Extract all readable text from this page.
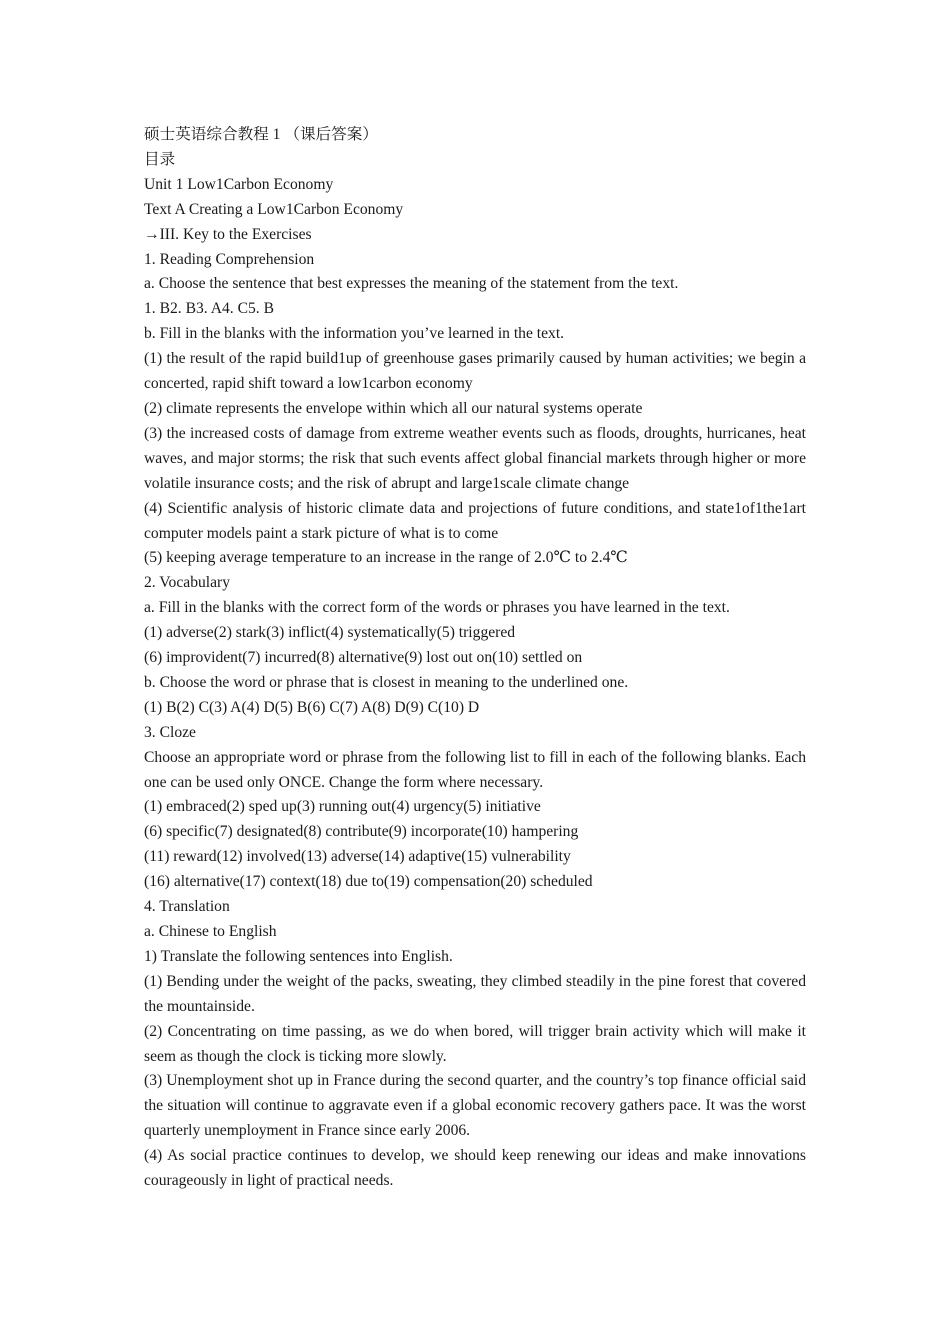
硕士英语综合教程 1 （课后答案）

目录

Unit 1 Low1Carbon Economy

Text A Creating a Low1Carbon Economy

→III. Key to the Exercises

1. Reading Comprehension

a. Choose the sentence that best expresses the meaning of the statement from the text.

1. B2. B3. A4. C5. B

b. Fill in the blanks with the information you’ve learned in the text.

(1) the result of the rapid build1up of greenhouse gases primarily caused by human activities; we begin a concerted, rapid shift toward a low1carbon economy

(2) climate represents the envelope within which all our natural systems operate

(3) the increased costs of damage from extreme weather events such as floods, droughts, hurricanes, heat waves, and major storms; the risk that such events affect global financial markets through higher or more volatile insurance costs; and the risk of abrupt and large1scale climate change

(4) Scientific analysis of historic climate data and projections of future conditions, and state1of1the1art computer models paint a stark picture of what is to come

(5) keeping average temperature to an increase in the range of 2.0℃ to 2.4℃

2. Vocabulary

a. Fill in the blanks with the correct form of the words or phrases you have learned in the text.

(1) adverse(2) stark(3) inflict(4) systematically(5) triggered

(6) improvident(7) incurred(8) alternative(9) lost out on(10) settled on

b. Choose the word or phrase that is closest in meaning to the underlined one.

(1) B(2) C(3) A(4) D(5) B(6) C(7) A(8) D(9) C(10) D

3. Cloze

Choose an appropriate word or phrase from the following list to fill in each of the following blanks. Each one can be used only ONCE. Change the form where necessary.

(1) embraced(2) sped up(3) running out(4) urgency(5) initiative

(6) specific(7) designated(8) contribute(9) incorporate(10) hampering

(11) reward(12) involved(13) adverse(14) adaptive(15) vulnerability

(16) alternative(17) context(18) due to(19) compensation(20) scheduled

4. Translation

a. Chinese to English

1) Translate the following sentences into English.

(1) Bending under the weight of the packs, sweating, they climbed steadily in the pine forest that covered the mountainside.

(2) Concentrating on time passing, as we do when bored, will trigger brain activity which will make it seem as though the clock is ticking more slowly.

(3) Unemployment shot up in France during the second quarter, and the country’s top finance official said the situation will continue to aggravate even if a global economic recovery gathers pace. It was the worst quarterly unemployment in France since early 2006.

(4) As social practice continues to develop, we should keep renewing our ideas and make innovations courageously in light of practical needs.
